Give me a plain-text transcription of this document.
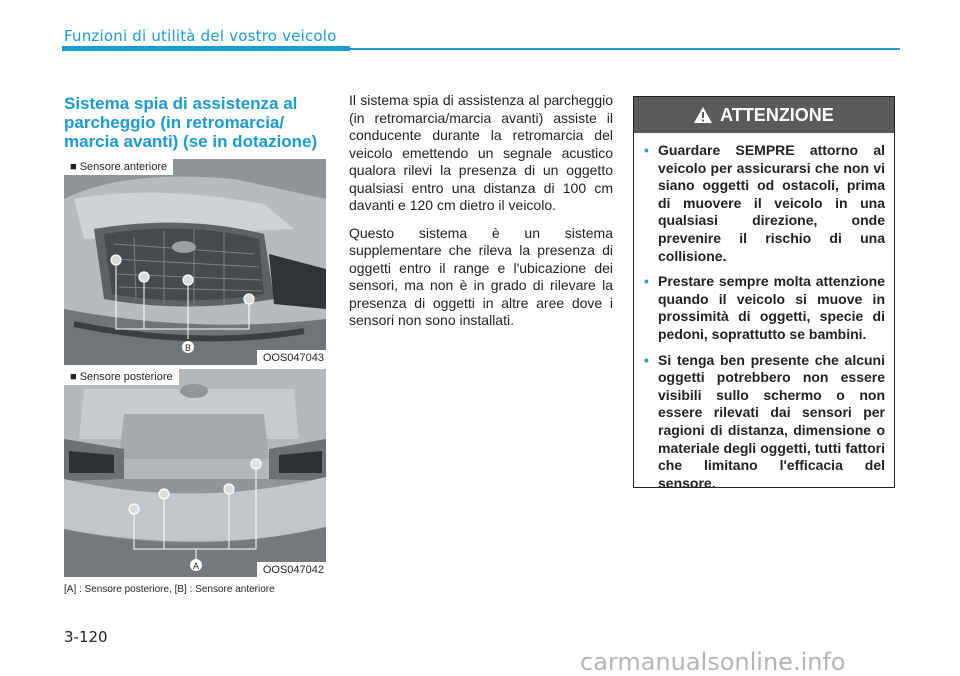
Funzioni di utilità del vostro veicolo
Sistema spia di assistenza al parcheggio (in retromarcia/ marcia avanti) (se in dotazione)
B
■ Sensore anteriore
OOS047043
A
■ Sensore posteriore
OOS047042
[A] : Sensore posteriore, [B] : Sensore anteriore

Il sistema spia di assistenza al parcheggio (in retromarcia/marcia avanti) assiste il conducente durante la retromarcia del veicolo emettendo un segnale acustico qualora rilevi la presenza di un oggetto qualsiasi entro una distanza di 100 cm davanti e 120 cm dietro il veicolo.

Questo sistema è un sistema supplementare che rileva la presenza di oggetti entro il range e l'ubicazione dei sensori, ma non è in grado di rilevare la presenza di oggetti in altre aree dove i sensori non sono installati.

ATTENZIONE
• Guardare SEMPRE attorno al veicolo per assicurarsi che non vi siano oggetti od ostacoli, prima di muovere il veicolo in una qualsiasi direzione, onde prevenire il rischio di una collisione.
• Prestare sempre molta attenzione quando il veicolo si muove in prossimità di oggetti, specie di pedoni, soprattutto se bambini.
• Si tenga ben presente che alcuni oggetti potrebbero non essere visibili sullo schermo o non essere rilevati dai sensori per ragioni di distanza, dimensione o materiale degli oggetti, tutti fattori che limitano l'efficacia del sensore.
3-120
carmanualsonline.info
